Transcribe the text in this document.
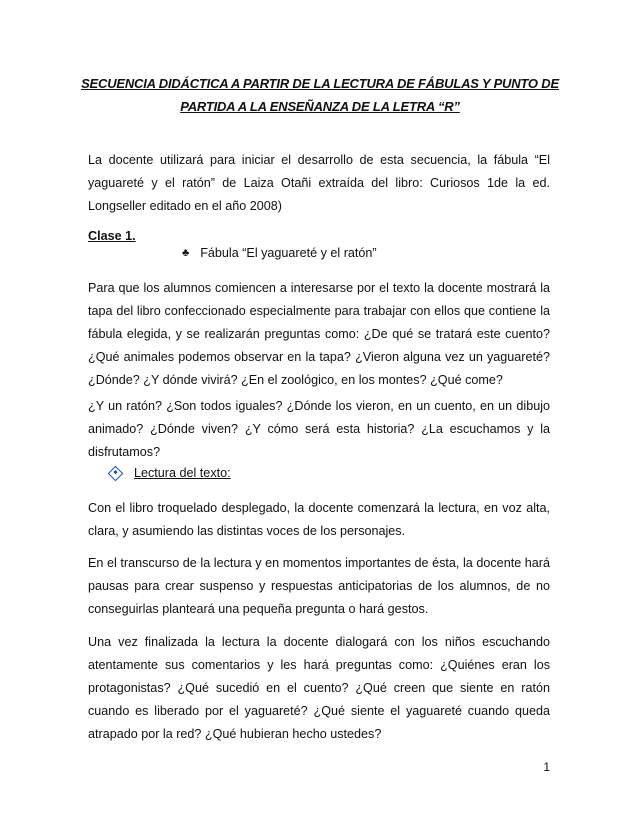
SECUENCIA DIDÁCTICA A PARTIR DE LA LECTURA DE FÁBULAS Y PUNTO DE
PARTIDA A LA ENSEÑANZA DE LA LETRA “R”

La docente utilizará para iniciar el desarrollo de esta secuencia, la fábula “El yaguareté y el ratón” de Laiza Otañi extraída del libro: Curiosos 1de la ed. Longseller editado en el año 2008)

Clase 1.
♣ Fábula “El yaguareté y el ratón”

Para que los alumnos comiencen a interesarse por el texto la docente mostrará la tapa del libro confeccionado especialmente para trabajar con ellos que contiene la fábula elegida, y se realizarán preguntas como: ¿De qué se tratará este cuento? ¿Qué animales podemos observar en la tapa? ¿Vieron alguna vez un yaguareté? ¿Dónde? ¿Y dónde vivirá? ¿En el zoológico, en los montes? ¿Qué come?

¿Y un ratón? ¿Son todos iguales? ¿Dónde los vieron, en un cuento, en un dibujo animado? ¿Dónde viven? ¿Y cómo será esta historia? ¿La escuchamos y la disfrutamos?

Lectura del texto:

Con el libro troquelado desplegado, la docente comenzará la lectura, en voz alta, clara, y asumiendo las distintas voces de los personajes.

En el transcurso de la lectura y en momentos importantes de ésta, la docente hará pausas para crear suspenso y respuestas anticipatorias de los alumnos, de no conseguirlas planteará una pequeña pregunta o hará gestos.

Una vez finalizada la lectura la docente dialogará con los niños escuchando atentamente sus comentarios y les hará preguntas como: ¿Quiénes eran los protagonistas? ¿Qué sucedió en el cuento? ¿Qué creen que siente en ratón cuando es liberado por el yaguareté? ¿Qué siente el yaguareté cuando queda atrapado por la red? ¿Qué hubieran hecho ustedes?

1
